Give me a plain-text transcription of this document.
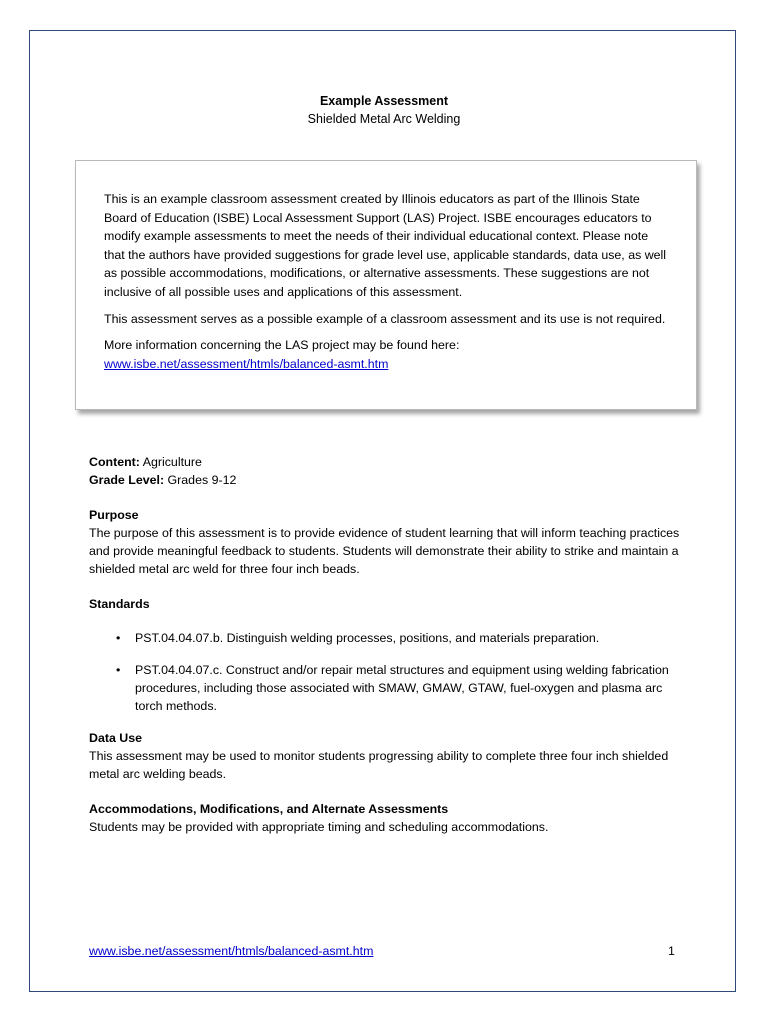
Example Assessment
Shielded Metal Arc Welding

This is an example classroom assessment created by Illinois educators as part of the Illinois State Board of Education (ISBE) Local Assessment Support (LAS) Project. ISBE encourages educators to modify example assessments to meet the needs of their individual educational context. Please note that the authors have provided suggestions for grade level use, applicable standards, data use, as well as possible accommodations, modifications, or alternative assessments. These suggestions are not inclusive of all possible uses and applications of this assessment.

This assessment serves as a possible example of a classroom assessment and its use is not required.

More information concerning the LAS project may be found here:
www.isbe.net/assessment/htmls/balanced-asmt.htm

Content: Agriculture

Grade Level: Grades 9-12

Purpose

The purpose of this assessment is to provide evidence of student learning that will inform teaching practices and provide meaningful feedback to students. Students will demonstrate their ability to strike and maintain a shielded metal arc weld for three four inch beads.

Standards

• PST.04.04.07.b. Distinguish welding processes, positions, and materials preparation.
• PST.04.04.07.c. Construct and/or repair metal structures and equipment using welding fabrication procedures, including those associated with SMAW, GMAW, GTAW, fuel-oxygen and plasma arc torch methods.

Data Use

This assessment may be used to monitor students progressing ability to complete three four inch shielded metal arc welding beads.

Accommodations, Modifications, and Alternate Assessments

Students may be provided with appropriate timing and scheduling accommodations.

www.isbe.net/assessment/htmls/balanced-asmt.htm	1
